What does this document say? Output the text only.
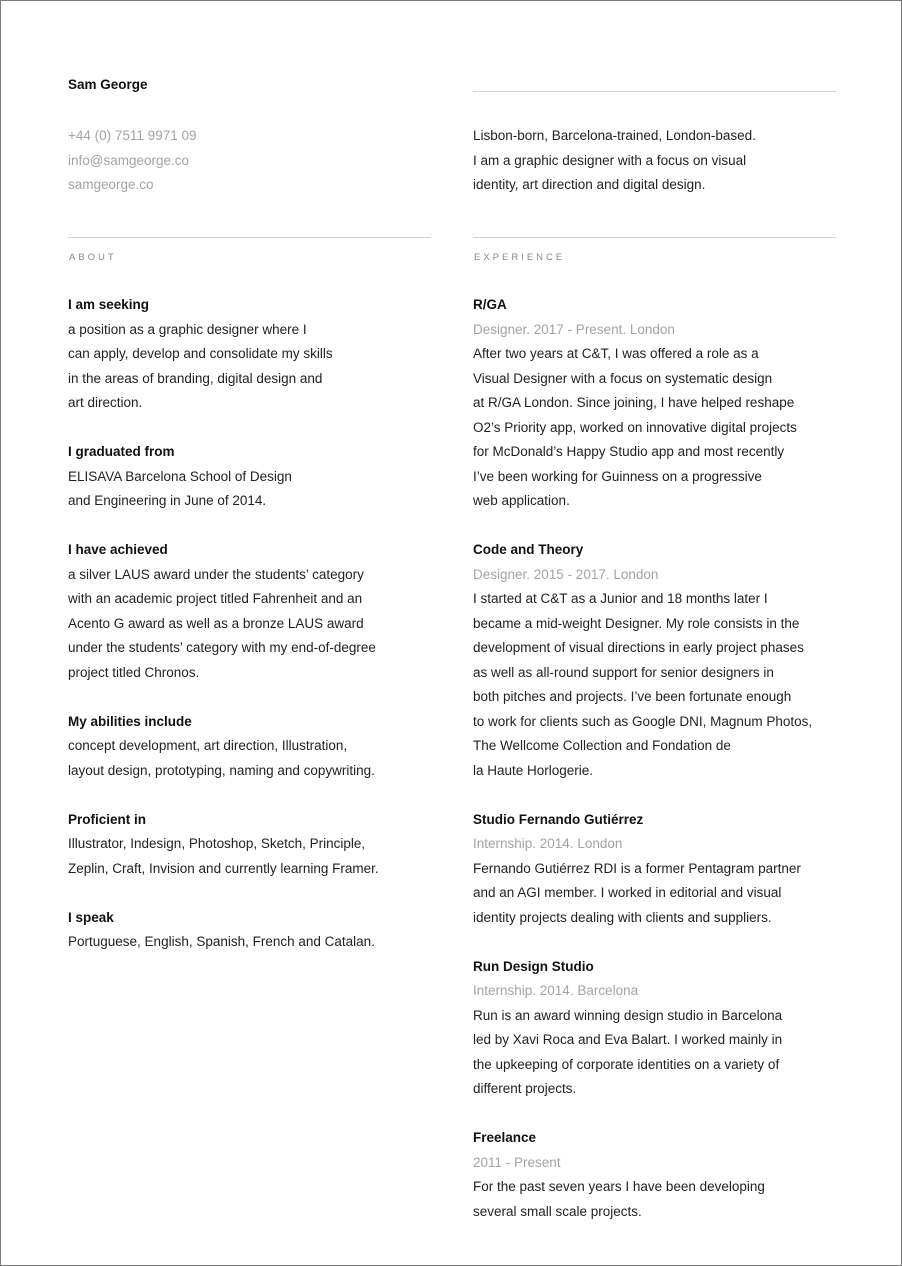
Sam George
+44 (0) 7511 9971 09
info@samgeorge.co
samgeorge.co
Lisbon-born, Barcelona-trained, London-based.
I am a graphic designer with a focus on visual
identity, art direction and digital design.
ABOUT	EXPERIENCE
I am seeking
a position as a graphic designer where I
can apply, develop and consolidate my skills
in the areas of branding, digital design and
art direction.
I graduated from
ELISAVA Barcelona School of Design
and Engineering in June of 2014.
I have achieved
a silver LAUS award under the students’ category
with an academic project titled Fahrenheit and an
Acento G award as well as a bronze LAUS award
under the students’ category with my end-of-degree
project titled Chronos.
My abilities include
concept development, art direction, Illustration,
layout design, prototyping, naming and copywriting.
Proficient in
Illustrator, Indesign, Photoshop, Sketch, Principle,
Zeplin, Craft, Invision and currently learning Framer.
I speak
Portuguese, English, Spanish, French and Catalan.
R/GA
Designer. 2017 - Present. London
After two years at C&T, I was offered a role as a
Visual Designer with a focus on systematic design
at R/GA London. Since joining, I have helped reshape
O2’s Priority app, worked on innovative digital projects
for McDonald’s Happy Studio app and most recently
I’ve been working for Guinness on a progressive
web application.
Code and Theory
Designer. 2015 - 2017. London
I started at C&T as a Junior and 18 months later I
became a mid-weight Designer. My role consists in the
development of visual directions in early project phases
as well as all-round support for senior designers in
both pitches and projects. I’ve been fortunate enough
to work for clients such as Google DNI, Magnum Photos,
The Wellcome Collection and Fondation de
la Haute Horlogerie.
Studio Fernando Gutiérrez
Internship. 2014. London
Fernando Gutiérrez RDI is a former Pentagram partner
and an AGI member. I worked in editorial and visual
identity projects dealing with clients and suppliers.
Run Design Studio
Internship. 2014. Barcelona
Run is an award winning design studio in Barcelona
led by Xavi Roca and Eva Balart. I worked mainly in
the upkeeping of corporate identities on a variety of
different projects.
Freelance
2011 - Present
For the past seven years I have been developing
several small scale projects.
